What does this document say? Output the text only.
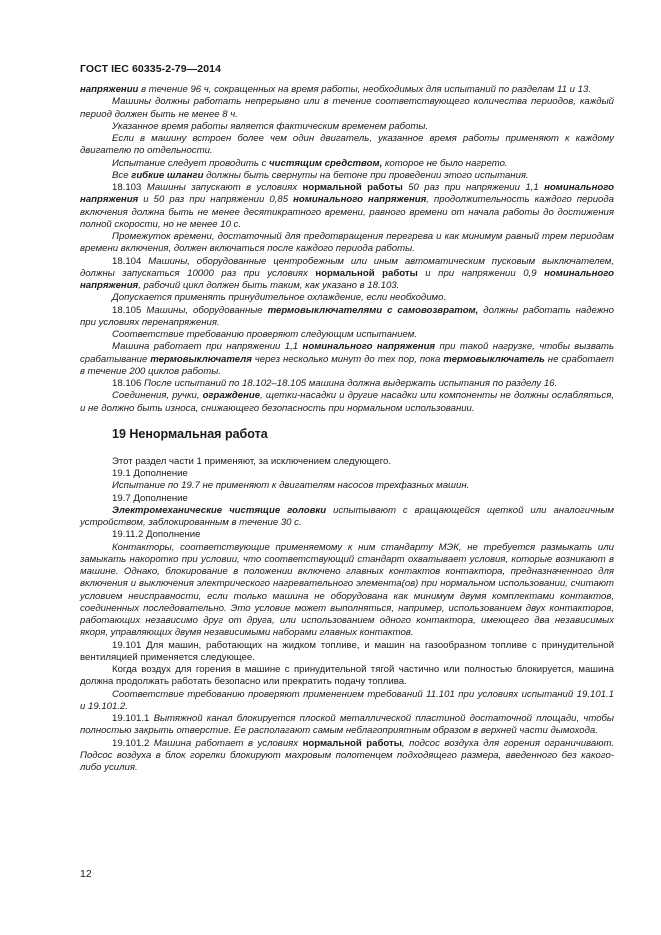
ГОСТ IEC 60335-2-79—2014

напряжении в течение 96 ч, сокращенных на время работы, необходимых для испытаний по разделам 11 и 13.

Машины должны работать непрерывно или в течение соответствующего количества периодов, каждый период должен быть не менее 8 ч.

Указанное время работы является фактическим временем работы.

Если в машину встроен более чем один двигатель, указанное время работы применяют к каждому двигателю по отдельности.

Испытание следует проводить с чистящим средством, которое не было нагрето.

Все гибкие шланги должны быть свернуты на бетоне при проведении этого испытания.

18.103 Машины запускают в условиях нормальной работы 50 раз при напряжении 1,1 номинального напряжения и 50 раз при напряжении 0,85 номинального напряжения, продолжительность каждого периода включения должна быть не менее десятикратного времени, равного времени от начала работы до достижения полной скорости, но не менее 10 с.

Промежуток времени, достаточный для предотвращения перегрева и как минимум равный трем периодам времени включения, должен включаться после каждого периода работы.

18.104 Машины, оборудованные центробежным или иным автоматическим пусковым выключателем, должны запускаться 10000 раз при условиях нормальной работы и при напряжении 0,9 номинального напряжения, рабочий цикл должен быть таким, как указано в 18.103.

Допускается применять принудительное охлаждение, если необходимо.

18.105 Машины, оборудованные термовыключателями с самовозвратом, должны работать надежно при условиях перенапряжения.

Соответствие требованию проверяют следующим испытанием.

Машина работает при напряжении 1,1 номинального напряжения при такой нагрузке, чтобы вызвать срабатывание термовыключателя через несколько минут до тех пор, пока термовыключатель не сработает в течение 200 циклов работы.

18.106 После испытаний по 18.102–18.105 машина должна выдержать испытания по разделу 16.

Соединения, ручки, ограждение, щетки-насадки и другие насадки или компоненты не должны ослабляться, и не должно быть износа, снижающего безопасность при нормальном использовании.

19 Ненормальная работа

Этот раздел части 1 применяют, за исключением следующего.

19.1 Дополнение

Испытание по 19.7 не применяют к двигателям насосов трехфазных машин.

19.7 Дополнение

Электромеханические чистящие головки испытывают с вращающейся щеткой или аналогичным устройством, заблокированным в течение 30 с.

19.11.2 Дополнение

Контакторы, соответствующие применяемому к ним стандарту МЭК, не требуется размыкать или замыкать накоротко при условии, что соответствующий стандарт охватывает условия, которые возникают в машине. Однако, блокирование в положении включено главных контактов контактора, предназначенного для включения и выключения электрического нагревательного элемента(ов) при нормальном использовании, считают условием неисправности, если только машина не оборудована как минимум двумя комплектами контактов, соединенных последовательно. Это условие может выполняться, например, использованием двух контакторов, работающих независимо друг от друга, или использованием одного контактора, имеющего два независимых якоря, управляющих двумя независимыми наборами главных контактов.

19.101 Для машин, работающих на жидком топливе, и машин на газообразном топливе с принудительной вентиляцией применяется следующее.

Когда воздух для горения в машине с принудительной тягой частично или полностью блокируется, машина должна продолжать работать безопасно или прекратить подачу топлива.

Соответствие требованию проверяют применением требований 11.101 при условиях испытаний 19.101.1 и 19.101.2.

19.101.1 Вытяжной канал блокируется плоской металлической пластиной достаточной площади, чтобы полностью закрыть отверстие. Ее располагают самым неблагоприятным образом в верхней части дымохода.

19.101.2 Машина работает в условиях нормальной работы, подсос воздуха для горения ограничивают. Подсос воздуха в блок горелки блокируют махровым полотенцем подходящего размера, введенного без какого-либо усилия.

12
